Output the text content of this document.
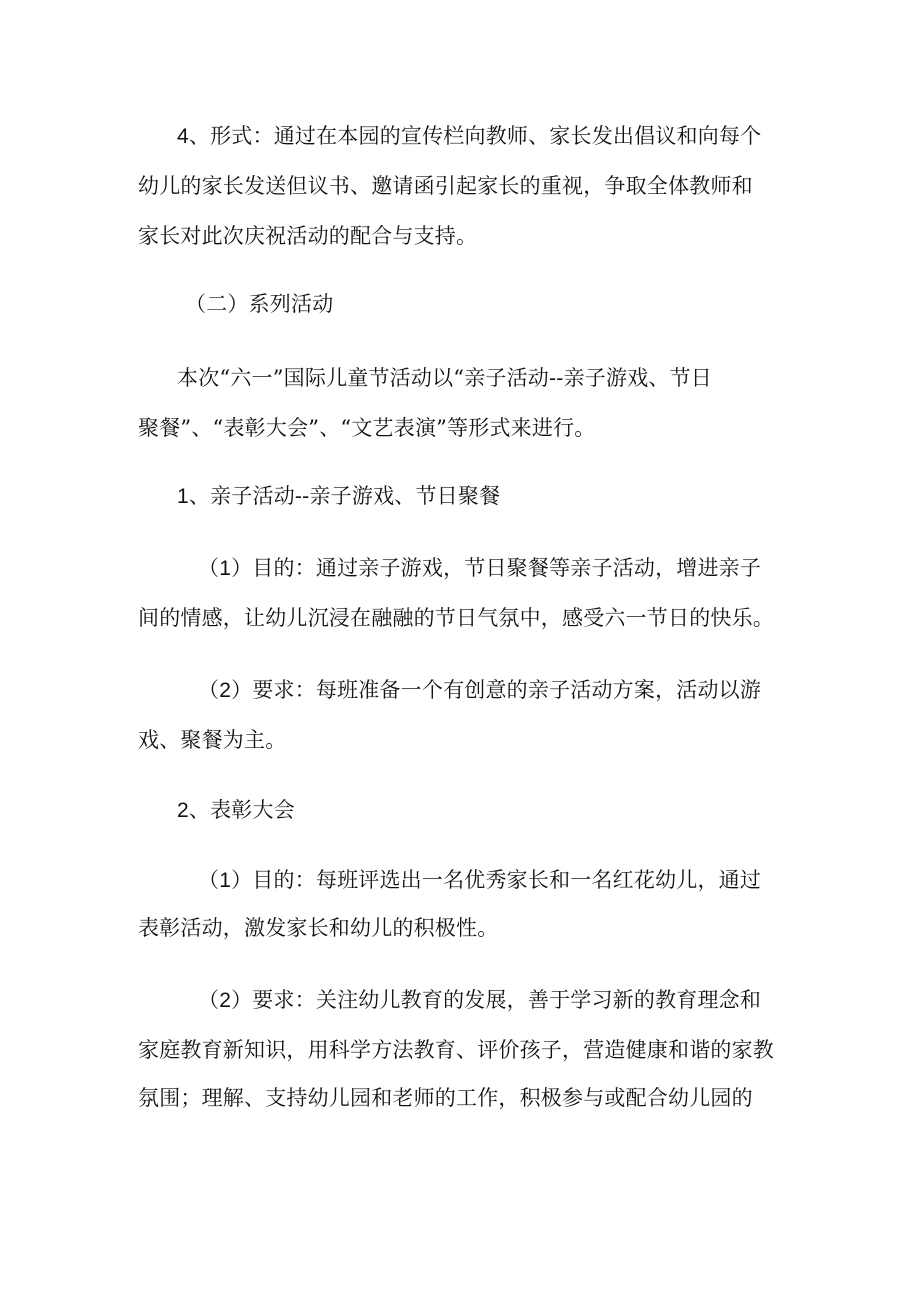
4、形式：通过在本园的宣传栏向教师、家长发出倡议和向每个
幼儿的家长发送但议书、邀请函引起家长的重视，争取全体教师和
家长对此次庆祝活动的配合与支持。
（二）系列活动
本次“六一”国际儿童节活动以“亲子活动--亲子游戏、节日
聚餐”、“表彰大会”、“文艺表演”等形式来进行。
1、亲子活动--亲子游戏、节日聚餐
（1）目的：通过亲子游戏，节日聚餐等亲子活动，增进亲子
间的情感，让幼儿沉浸在融融的节日气氛中，感受六一节日的快乐。
（2）要求：每班准备一个有创意的亲子活动方案，活动以游
戏、聚餐为主。
2、表彰大会
（1）目的：每班评选出一名优秀家长和一名红花幼儿，通过
表彰活动，激发家长和幼儿的积极性。
（2）要求：关注幼儿教育的发展，善于学习新的教育理念和
家庭教育新知识，用科学方法教育、评价孩子，营造健康和谐的家教
氛围；理解、支持幼儿园和老师的工作，积极参与或配合幼儿园的
